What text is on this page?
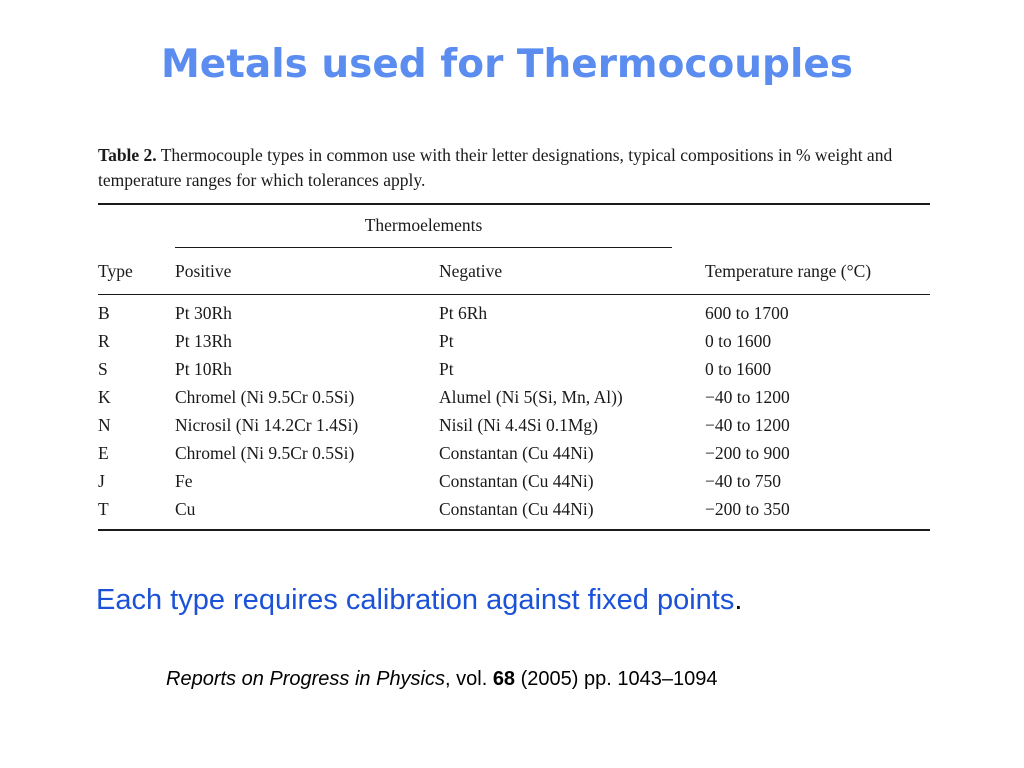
Metals used for Thermocouples

Table 2. Thermocouple types in common use with their letter designations, typical compositions in % weight and temperature ranges for which tolerances apply.

	Thermoelements		

Type	Positive	Negative	Temperature range (°C)

B	Pt 30Rh	Pt 6Rh	600 to 1700
R	Pt 13Rh	Pt	0 to 1600
S	Pt 10Rh	Pt	0 to 1600
K	Chromel (Ni 9.5Cr 0.5Si)	Alumel (Ni 5(Si, Mn, Al))	−40 to 1200
N	Nicrosil (Ni 14.2Cr 1.4Si)	Nisil (Ni 4.4Si 0.1Mg)	−40 to 1200
E	Chromel (Ni 9.5Cr 0.5Si)	Constantan (Cu 44Ni)	−200 to 900
J	Fe	Constantan (Cu 44Ni)	−40 to 750
T	Cu	Constantan (Cu 44Ni)	−200 to 350

Each type requires calibration against fixed points.

Reports on Progress in Physics, vol. 68 (2005) pp. 1043–1094
